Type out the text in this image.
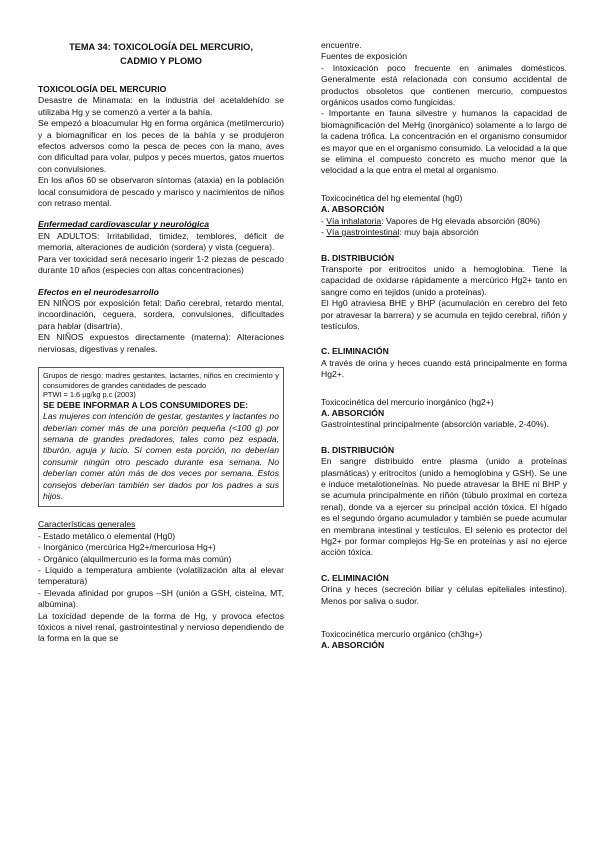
TEMA 34: TOXICOLOGÍA DEL MERCURIO,
CADMIO Y PLOMO
TOXICOLOGÍA DEL MERCURIO

Desastre de Minamata: en la industria del acetaldehído se utilizaba Hg y se comenzó a verter a la bahía.

Se empezó a bioacumular Hg en forma orgánica (metilmercurio) y a biomagnificar en los peces de la bahía y se produjeron efectos adversos como la pesca de peces con la mano, aves con dificultad para volar, pulpos y peces muertos, gatos muertos con convulsiones.

En los años 60 se observaron síntomas (ataxia) en la población local consumidora de pescado y marisco y nacimientos de niños con retraso mental.

Enfermedad cardiovascular y neurológica

EN ADULTOS: Irritabilidad, timidez, temblores, déficit de memoria, alteraciones de audición (sordera) y vista (ceguera).

Para ver toxicidad será necesario ingerir 1-2 piezas de pescado durante 10 años (especies con altas concentraciones)

Efectos en el neurodesarrollo

EN NIÑOS por exposición fetal: Daño cerebral, retardo mental, incoordinación, ceguera, sordera, convulsiones, dificultades para hablar (disartria).

EN NIÑOS expuestos directamente (materna): Alteraciones nerviosas, digestivas y renales.

Grupos de riesgo: madres gestantes, lactantes, niños en crecimiento y consumidores de grandes cantidades de pescado

PTWI = 1.6 µg/kg p.c (2003)

SE DEBE INFORMAR A LOS CONSUMIDORES DE:

Las mujeres con intención de gestar, gestantes y lactantes no deberían comer más de una porción pequeña (<100 g) por semana de grandes predadores, tales como pez espada, tiburón, aguja y lucio. Si comen esta porción, no deberían consumir ningún otro pescado durante esa semana. No deberían comer atún más de dos veces por semana. Estos consejos deberían también ser dados por los padres a sus hijos.

Características generales

- Estado metálico o elemental (Hg0)

- Inorgánico (mercúrica Hg2+/mercuriosa Hg+)

- Orgánico (alquilmercurio es la forma más común)

- Líquido a temperatura ambiente (volatilización alta al elevar temperatura)

- Elevada afinidad por grupos –SH (unión a GSH, cisteína, MT, albúmina).

La toxicidad depende de la forma de Hg, y provoca efectos tóxicos a nivel renal, gastrointestinal y nervioso dependiendo de la forma en la que se

encuentre.

Fuentes de exposición

- Intoxicación poco frecuente en animales domésticos. Generalmente está relacionada con consumo accidental de productos obsoletos que contienen mercurio, compuestos orgánicos usados como fungicidas.

- Importante en fauna silvestre y humanos la capacidad de biomagnificación del MeHg (inorgánico) solamente a lo largo de la cadena trófica. La concentración en el organismo consumidor es mayor que en el organismo consumido. La velocidad a la que se elimina el compuesto concreto es mucho menor que la velocidad a la que entra el metal al organismo.

Toxicocinética del hg elemental (hg0)
A. ABSORCIÓN

- Vía inhalatoria: Vapores de Hg elevada absorción (80%)

- Vía gastrointestinal: muy baja absorción

B. DISTRIBUCIÓN

Transporte por eritrocitos unido a hemoglobina. Tiene la capacidad de oxidarse rápidamente a mercúrico Hg2+ tanto en sangre como en tejidos (unido a proteínas).

El Hg0 atraviesa BHE y BHP (acumulación en cerebro del feto por atravesar la barrera) y se acumula en tejido cerebral, riñón y testículos.

C. ELIMINACIÓN

A través de orina y heces cuando está principalmente en forma Hg2+.

Toxicocinética del mercurio inorgánico (hg2+)
A. ABSORCIÓN

Gastrointestinal principalmente (absorción variable, 2-40%).

B. DISTRIBUCIÓN

En sangre distribuido entre plasma (unido a proteínas plasmáticas) y eritrocitos (unido a hemoglobina y GSH). Se une e induce metalotioneínas. No puede atravesar la BHE ni BHP y se acumula principalmente en riñón (túbulo proximal en corteza renal), donde va a ejercer su principal acción tóxica. El hígado es el segundo órgano acumulador y también se puede acumular en membrana intestinal y testículos. El selenio es protector del Hg2+ por formar complejos Hg-Se en proteínas y así no ejerce acción tóxica.

C. ELIMINACIÓN

Orina y heces (secreción biliar y células epiteliales intestino). Menos por saliva o sudor.

Toxicocinética mercurio orgánico (ch3hg+)
A. ABSORCIÓN
